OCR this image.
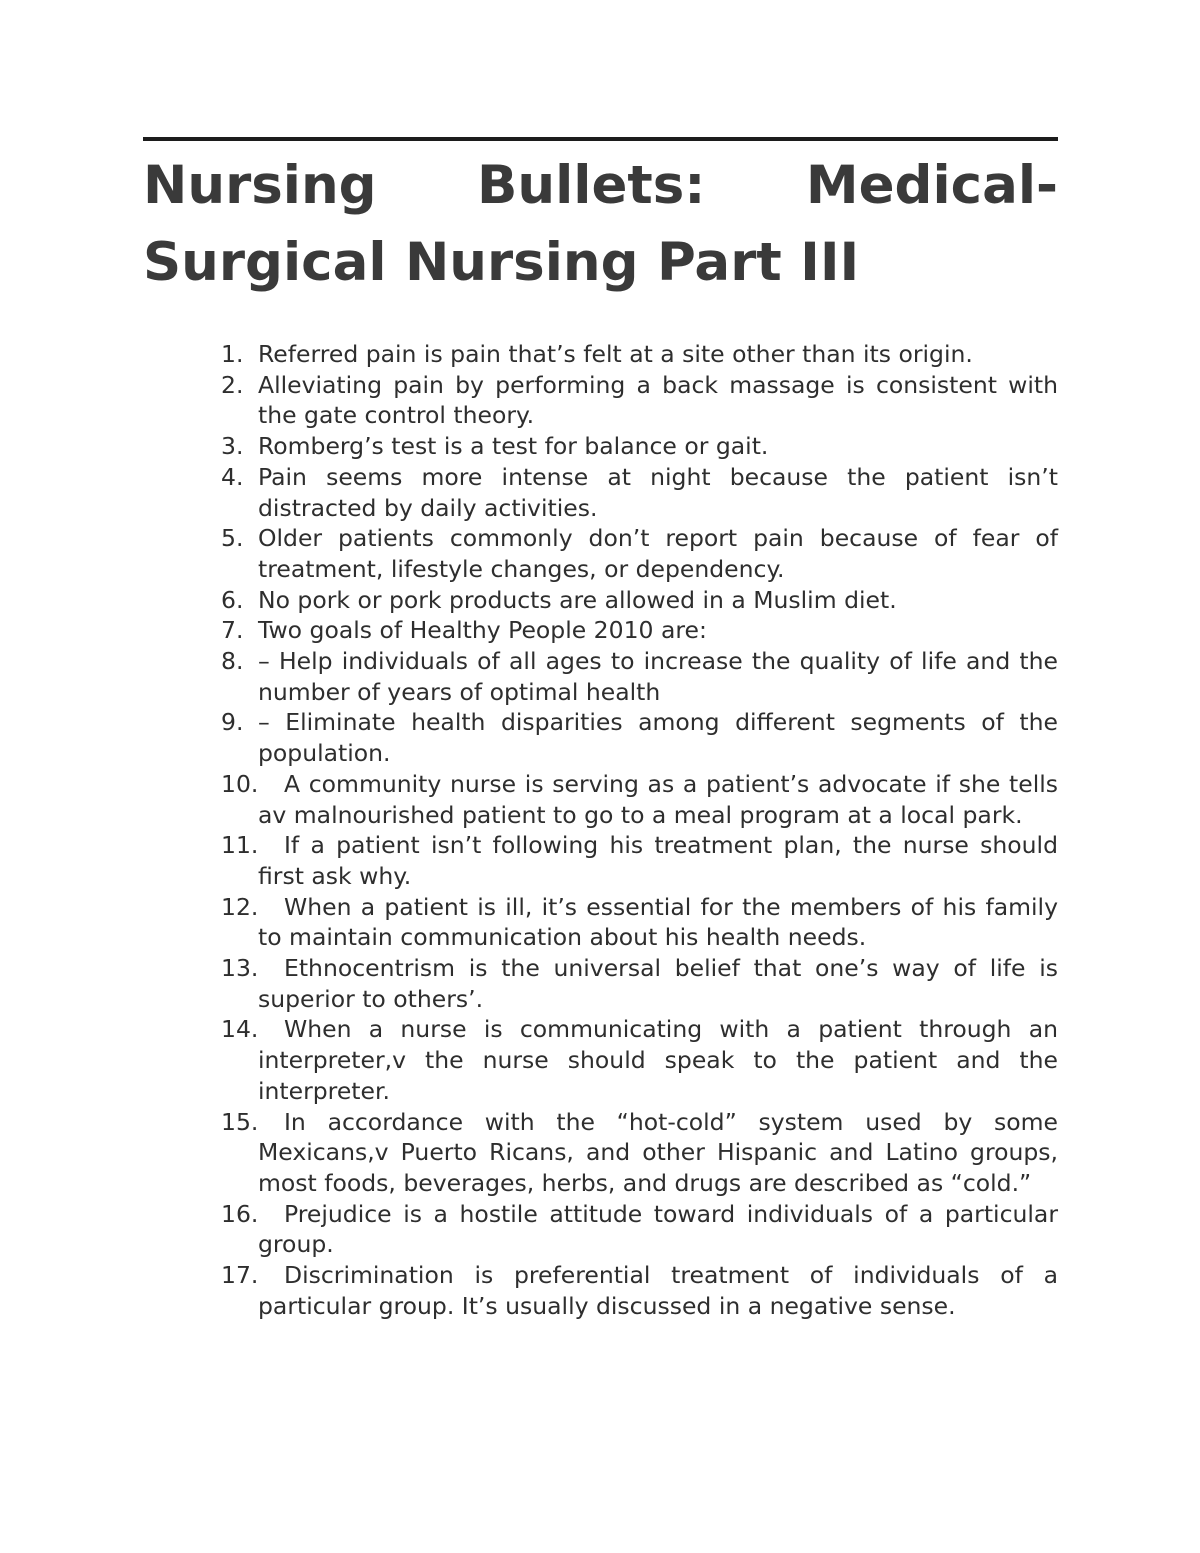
Nursing Bullets: Medical-
Surgical Nursing Part III
1. Referred pain is pain that’s felt at a site other than its origin.
2. Alleviating pain by performing a back massage is consistent with the gate control theory.
3. Romberg’s test is a test for balance or gait.
4. Pain seems more intense at night because the patient isn’t distracted by daily activities.
5. Older patients commonly don’t report pain because of fear of treatment, lifestyle changes, or dependency.
6. No pork or pork products are allowed in a Muslim diet.
7. Two goals of Healthy People 2010 are:
8. – Help individuals of all ages to increase the quality of life and the number of years of optimal health
9. – Eliminate health disparities among different segments of the population.
10. A community nurse is serving as a patient’s advocate if she tells av malnourished patient to go to a meal program at a local park.
11. If a patient isn’t following his treatment plan, the nurse should first ask why.
12. When a patient is ill, it’s essential for the members of his family to maintain communication about his health needs.
13. Ethnocentrism is the universal belief that one’s way of life is superior to others’.
14. When a nurse is communicating with a patient through an interpreter,v the nurse should speak to the patient and the interpreter.
15. In accordance with the “hot-cold” system used by some Mexicans,v Puerto Ricans, and other Hispanic and Latino groups, most foods, beverages, herbs, and drugs are described as “cold.”
16. Prejudice is a hostile attitude toward individuals of a particular group.
17. Discrimination is preferential treatment of individuals of a particular group. It’s usually discussed in a negative sense.
